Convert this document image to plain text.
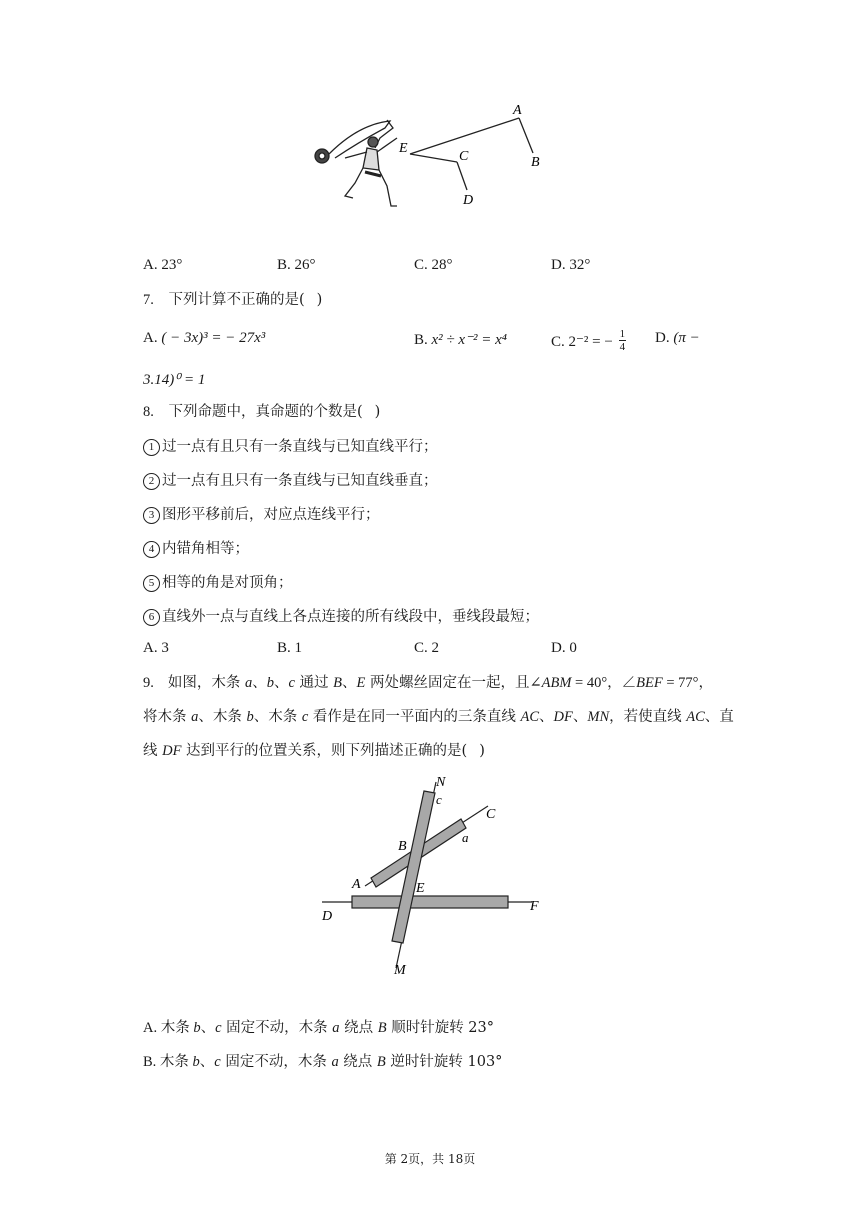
A
B
C
D
E
A. 23°	B. 26°	C. 28°	D. 32°
7. 下列计算不正确的是( )
A. ( − 3x)³ = − 27x³	B. x² ÷ x⁻² = x⁴	C. 2⁻² = − $\frac{1}{4} D$. (π −
3.14)⁰ = 1
8. 下列命题中，真命题的个数是( )
1 过一点有且只有一条直线与已知直线平行；
2 过一点有且只有一条直线与已知直线垂直；
3 图形平移前后，对应点连线平行；
4 内错角相等；
5 相等的角是对顶角；
6 直线外一点与直线上各点连接的所有线段中，垂线段最短；
A. 3	B. 1	C. 2	D. 0
9. 如图，木条 a、b、c 通过 B、E 两处螺丝固定在一起，且∠ABM = 40°，∠BEF = 77°，
将木条 a、木条 b、木条 c 看作是在同一平面内的三条直线 AC、DF、MN，若使直线 AC、直
线 DF 达到平行的位置关系，则下列描述正确的是( )
N
c
C
a
B
A	E
D
F
M
A. 木条 b、c 固定不动，木条 a 绕点 B 顺时针旋转 23°
B. 木条 b、c 固定不动，木条 a 绕点 B 逆时针旋转 103°
第 2页，共 18页
